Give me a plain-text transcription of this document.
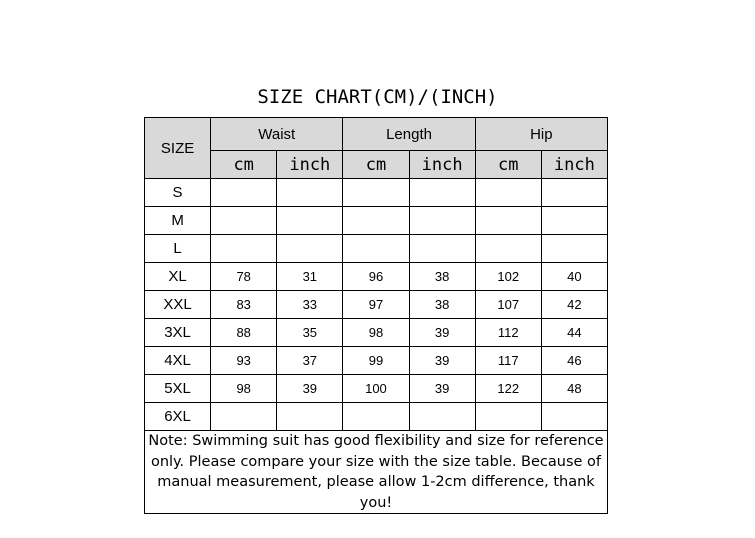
SIZE CHART(CM)/(INCH)
SIZE	Waist		Length		Hip	
	cm	inch	cm	inch	cm	inch
S						
M						
L						
XL	78	31	96	38	102	40
XXL	83	33	97	38	107	42
3XL	88	35	98	39	112	44
4XL	93	37	99	39	117	46
5XL	98	39	100	39	122	48
6XL						
Note: Swimming suit has good flexibility and size for reference only. Please compare your size with the size table. Because of manual measurement, please allow 1-2cm difference, thank you!						
